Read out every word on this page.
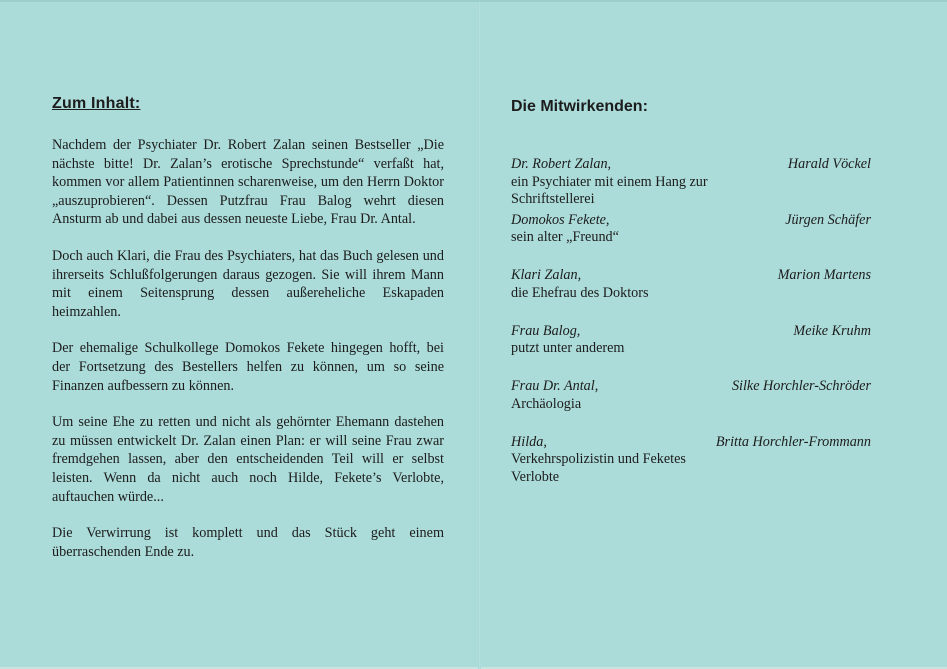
Zum Inhalt:

Nachdem der Psychiater Dr. Robert Zalan seinen Bestseller „Die nächste bitte! Dr. Zalan’s erotische Sprechstunde“ verfaßt hat, kommen vor allem Patientinnen scharenweise, um den Herrn Doktor „auszuprobieren“. Dessen Putzfrau Frau Balog wehrt diesen Ansturm ab und dabei aus dessen neueste Liebe, Frau Dr. Antal.

Doch auch Klari, die Frau des Psychiaters, hat das Buch gelesen und ihrerseits Schlußfolgerungen daraus gezogen. Sie will ihrem Mann mit einem Seitensprung dessen außereheliche Eskapaden heimzahlen.

Der ehemalige Schulkollege Domokos Fekete hingegen hofft, bei der Fortsetzung des Bestellers helfen zu können, um so seine Finanzen aufbessern zu können.

Um seine Ehe zu retten und nicht als gehörnter Ehemann dastehen zu müssen entwickelt Dr. Zalan einen Plan: er will seine Frau zwar fremdgehen lassen, aber den entscheidenden Teil will er selbst leisten. Wenn da nicht auch noch Hilde, Fekete’s Verlobte, auftauchen würde...

Die Verwirrung ist komplett und das Stück geht einem überraschenden Ende zu.

Die Mitwirkenden:
Dr. Robert Zalan,
ein Psychiater mit einem Hang zur Schriftstellerei
Harald Vöckel
Domokos Fekete,
sein alter „Freund“
Jürgen Schäfer
Klari Zalan,
die Ehefrau des Doktors
Marion Martens
Frau Balog,
putzt unter anderem
Meike Kruhm
Frau Dr. Antal,
Archäologia
Silke Horchler-Schröder
Hilda,
Verkehrspolizistin und Feketes Verlobte
Britta Horchler-Frommann
